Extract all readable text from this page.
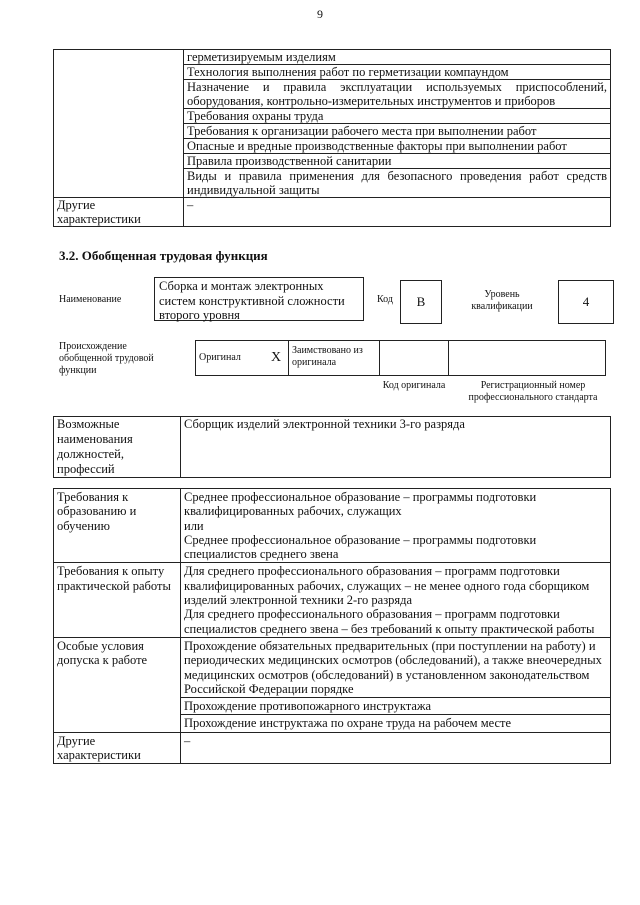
9
	герметизируемым изделиям
	Технология выполнения работ по герметизации компаундом
	Назначение и правила эксплуатации используемых приспособлений, оборудования, контрольно-измерительных инструментов и приборов
	Требования охраны труда
	Требования к организации рабочего места при выполнении работ
	Опасные и вредные производственные факторы при выполнении работ
	Правила производственной санитарии
	Виды и правила применения для безопасного проведения работ средств индивидуальной защиты
Другие характеристики	–
3.2. Обобщенная трудовая функция
Наименование
Сборка и монтаж электронных систем конструктивной сложности второго уровня
Код	B	Уровень квалификации	4
Происхождение обобщенной трудовой функции
Оригинал	X	Заимствовано из оригинала		
Код оригинала	Регистрационный номер профессионального стандарта
Возможные наименования должностей, профессий	Сборщик изделий электронной техники 3-го разряда
Требования к образованию и обучению	Среднее профессиональное образование – программы подготовки квалифицированных рабочих, служащих
или
Среднее профессиональное образование – программы подготовки специалистов среднего звена

Требования к опыту практической работы	Для среднего профессионального образования – программ подготовки квалифицированных рабочих, служащих – не менее одного года сборщиком изделий электронной техники 2-го разряда
Для среднего профессионального образования – программ подготовки специалистов среднего звена – без требований к опыту практической работы

Особые условия допуска к работе	Прохождение обязательных предварительных (при поступлении на работу) и периодических медицинских осмотров (обследований), а также внеочередных медицинских осмотров (обследований) в установленном законодательством Российской Федерации порядке
	Прохождение противопожарного инструктажа
	Прохождение инструктажа по охране труда на рабочем месте
Другие характеристики	–
